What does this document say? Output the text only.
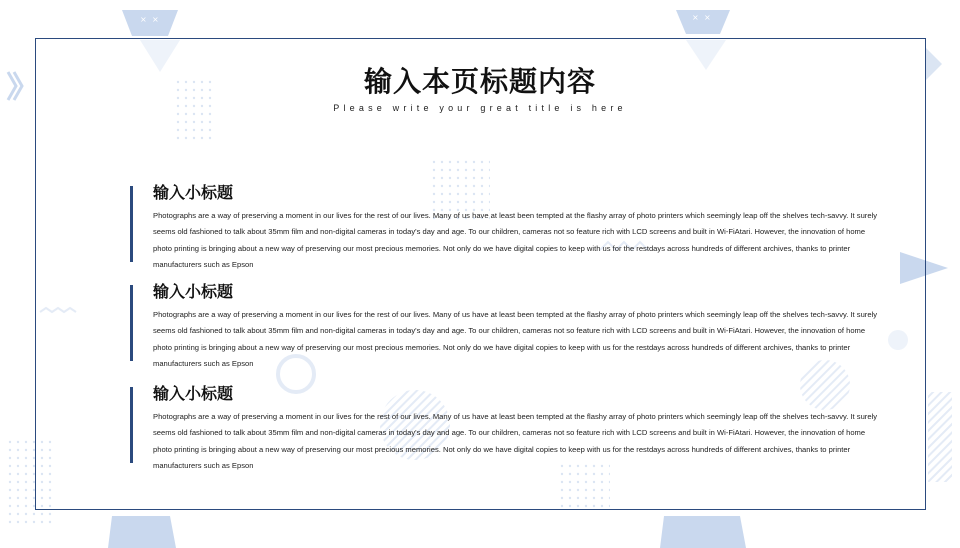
× ×	× ×
输入本页标题内容
Please write your great title is here
输入小标题
Photographs are a way of preserving a moment in our lives for the rest of our lives. Many of us have at least been tempted at the flashy array of photo printers which seemingly leap off the shelves tech-savvy. It surely seems old fashioned to talk about 35mm film and non-digital cameras in today's day and age. To our children, cameras not so feature rich with LCD screens and built in Wi-FiAtari. However, the innovation of home photo printing is bringing about a new way of preserving our most precious memories. Not only do we have digital copies to keep with us for the restdays across hundreds of different archives, thanks to printer manufacturers such as Epson
输入小标题
Photographs are a way of preserving a moment in our lives for the rest of our lives. Many of us have at least been tempted at the flashy array of photo printers which seemingly leap off the shelves tech-savvy. It surely seems old fashioned to talk about 35mm film and non-digital cameras in today's day and age. To our children, cameras not so feature rich with LCD screens and built in Wi-FiAtari. However, the innovation of home photo printing is bringing about a new way of preserving our most precious memories. Not only do we have digital copies to keep with us for the restdays across hundreds of different archives, thanks to printer manufacturers such as Epson
输入小标题
Photographs are a way of preserving a moment in our lives for the rest of our lives. Many of us have at least been tempted at the flashy array of photo printers which seemingly leap off the shelves tech-savvy. It surely seems old fashioned to talk about 35mm film and non-digital cameras in today's day and age. To our children, cameras not so feature rich with LCD screens and built in Wi-FiAtari. However, the innovation of home photo printing is bringing about a new way of preserving our most precious memories. Not only do we have digital copies to keep with us for the restdays across hundreds of different archives, thanks to printer manufacturers such as Epson
